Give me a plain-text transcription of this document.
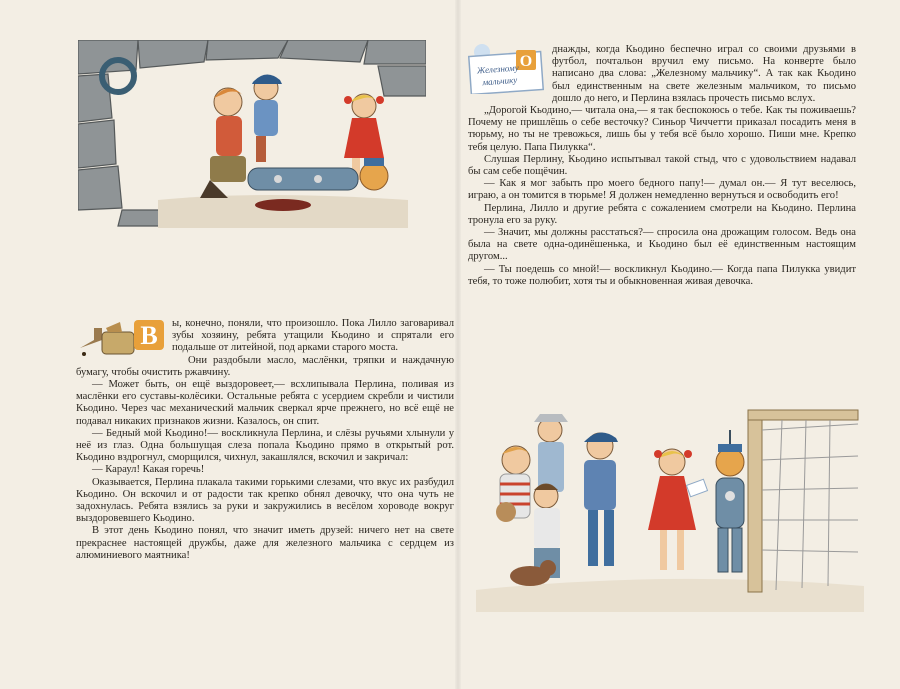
В	ы, конечно, поняли, что произошло. Пока Лилло заговаривал зубы хозяину, ребята утащили Кьодино и спрятали его подальше от литейной, под арками старого моста.

Они раздобыли масло, маслёнки, тряпки и наждачную бумагу, чтобы очистить ржавчину.

— Может быть, он ещё выздоровеет,— всхлипывала Перлина, поливая из маслёнки его суставы-колёсики. Остальные ребята с усердием скребли и чистили Кьодино. Через час механический мальчик сверкал ярче прежнего, но всё ещё не подавал никаких признаков жизни. Казалось, он спит.

— Бедный мой Кьодино!— воскликнула Перлина, и слёзы ручьями хлынули у неё из глаз. Одна большущая слеза попала Кьодино прямо в открытый рот. Кьодино вздрогнул, сморщился, чихнул, закашлялся, вскочил и закричал:

— Караул! Какая горечь!

Оказывается, Перлина плакала такими горькими слезами, что вкус их разбудил Кьодино. Он вскочил и от радости так крепко обнял девочку, что она чуть не задохнулась. Ребята взялись за руки и закружились в весёлом хороводе вокруг выздоровевшего Кьодино.

В этот день Кьодино понял, что значит иметь друзей: ничего нет на свете прекраснее настоящей дружбы, даже для железного мальчика с сердцем из алюминиевого маятника!

О
Железному
мальчику

днажды, когда Кьодино беспечно играл со своими друзьями в футбол, почтальон вручил ему письмо. На конверте было написано два слова: „Железному мальчику“. А так как Кьодино был единственным на свете железным мальчиком, то письмо дошло до него, и Перлина взялась прочесть письмо вслух.

„Дорогой Кьодино,— читала она,— я так беспокоюсь о тебе. Как ты поживаешь? Почему не пришлёшь о себе весточку? Синьор Чиччетти приказал посадить меня в тюрьму, но ты не тревожься, лишь бы у тебя всё было хорошо. Пиши мне. Крепко тебя целую. Папа Пилукка“.

Слушая Перлину, Кьодино испытывал такой стыд, что с удовольствием надавал бы сам себе пощёчин.

— Как я мог забыть про моего бедного папу!— думал он.— Я тут веселюсь, играю, а он томится в тюрьме! Я должен немедленно вернуться и освободить его!

Перлина, Лилло и другие ребята с сожалением смотрели на Кьодино. Перлина тронула его за руку.

— Значит, мы должны расстаться?— спросила она дрожащим голосом. Ведь она была на свете одна-одинёшенька, и Кьодино был её единственным настоящим другом...

— Ты поедешь со мной!— воскликнул Кьодино.— Когда папа Пилукка увидит тебя, то тоже полюбит, хотя ты и обыкновенная живая девочка.
